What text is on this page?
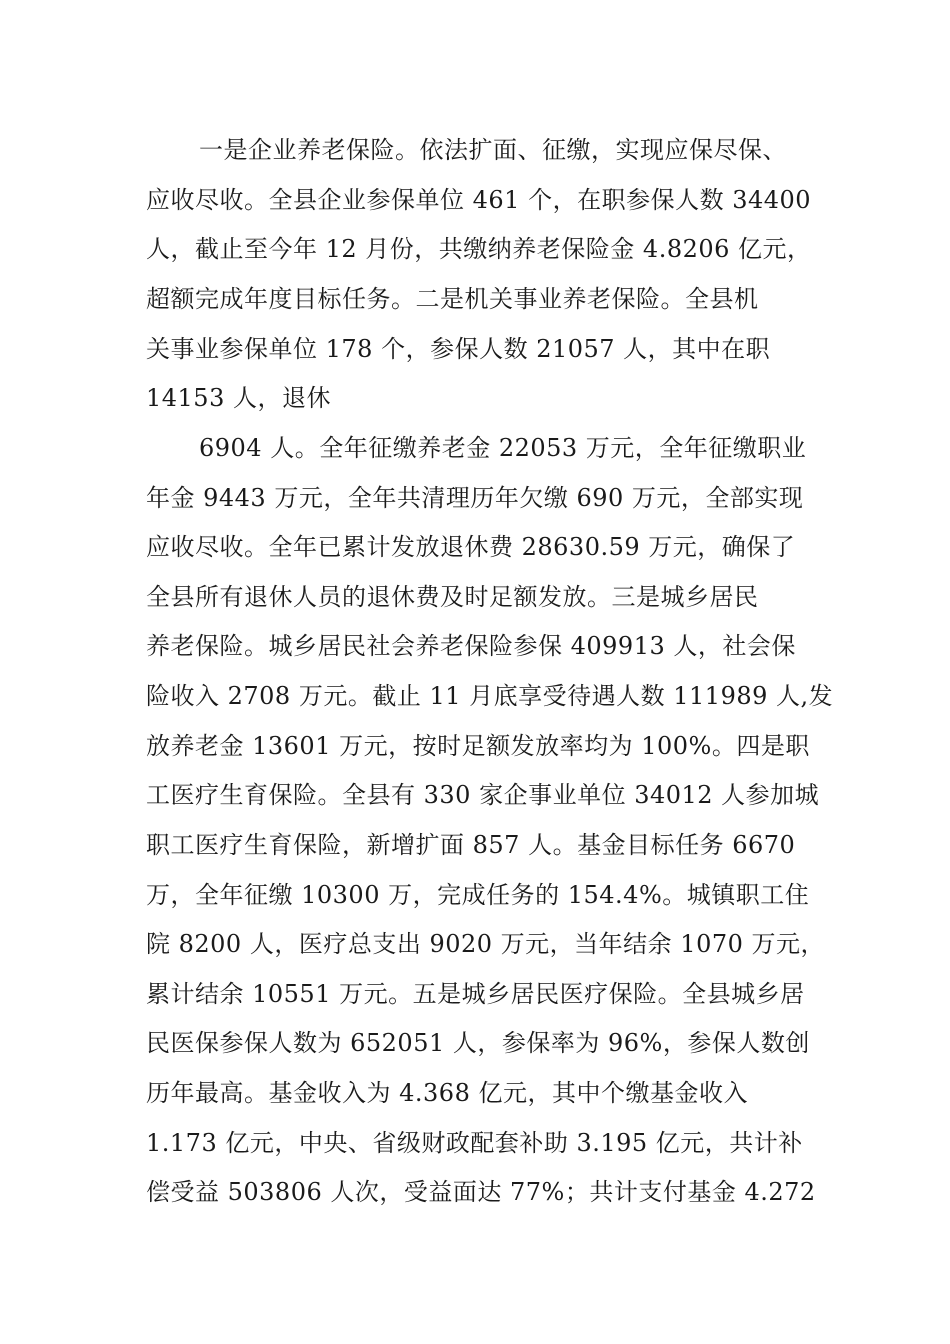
一是企业养老保险。依法扩面、征缴，实现应保尽保、
应收尽收。全县企业参保单位 461 个，在职参保人数 34400
人，截止至今年 12 月份，共缴纳养老保险金 4.8206 亿元，
超额完成年度目标任务。二是机关事业养老保险。全县机
关事业参保单位 178 个，参保人数 21057 人，其中在职
14153 人，退休
6904 人。全年征缴养老金 22053 万元，全年征缴职业
年金 9443 万元，全年共清理历年欠缴 690 万元，全部实现
应收尽收。全年已累计发放退休费 28630.59 万元，确保了
全县所有退休人员的退休费及时足额发放。三是城乡居民
养老保险。城乡居民社会养老保险参保 409913 人，社会保
险收入 2708 万元。截止 11 月底享受待遇人数 111989 人,发
放养老金 13601 万元，按时足额发放率均为 100%。四是职
工医疗生育保险。全县有 330 家企事业单位 34012 人参加城
职工医疗生育保险，新增扩面 857 人。基金目标任务 6670
万，全年征缴 10300 万，完成任务的 154.4%。城镇职工住
院 8200 人，医疗总支出 9020 万元，当年结余 1070 万元，
累计结余 10551 万元。五是城乡居民医疗保险。全县城乡居
民医保参保人数为 652051 人，参保率为 96%，参保人数创
历年最高。基金收入为 4.368 亿元，其中个缴基金收入
1.173 亿元，中央、省级财政配套补助 3.195 亿元，共计补
偿受益 503806 人次，受益面达 77%；共计支付基金 4.272
